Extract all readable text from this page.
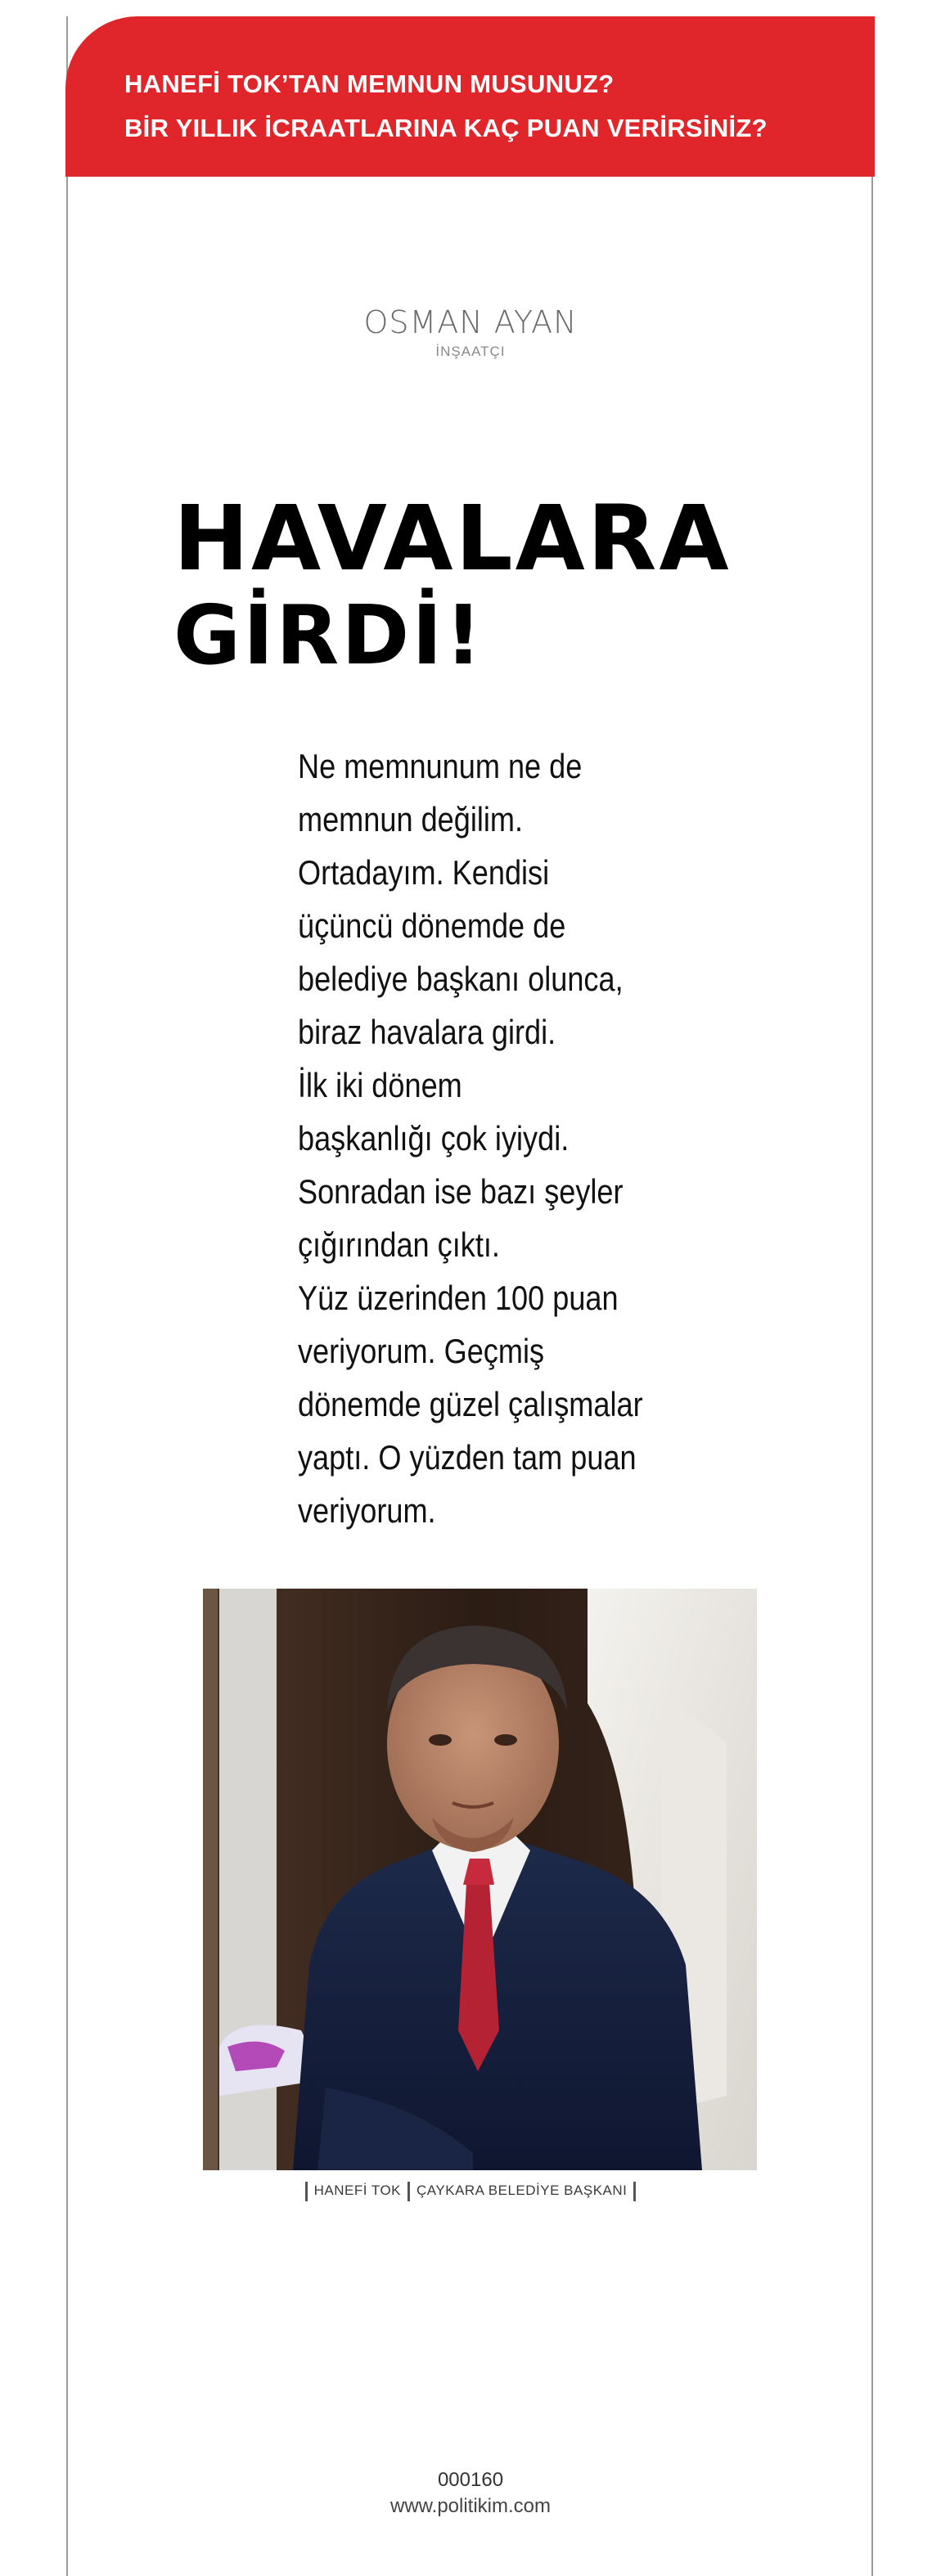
HANEFİ TOK’TAN MEMNUN MUSUNUZ?
BİR YILLIK İCRAATLARINA KAÇ PUAN VERİRSİNİZ?
OSMAN AYAN
İNŞAATÇI
HAVALARA
GİRDİ!
Ne memnunum ne de
memnun değilim.
Ortadayım. Kendisi
üçüncü dönemde de
belediye başkanı olunca,
biraz havalara girdi.
İlk iki dönem
başkanlığı çok iyiydi.
Sonradan ise bazı şeyler
çığırından çıktı.
Yüz üzerinden 100 puan
veriyorum. Geçmiş
dönemde güzel çalışmalar
yaptı. O yüzden tam puan
veriyorum.
HANEFİ TOK ÇAYKARA BELEDİYE BAŞKANI
000160
www.politikim.com
